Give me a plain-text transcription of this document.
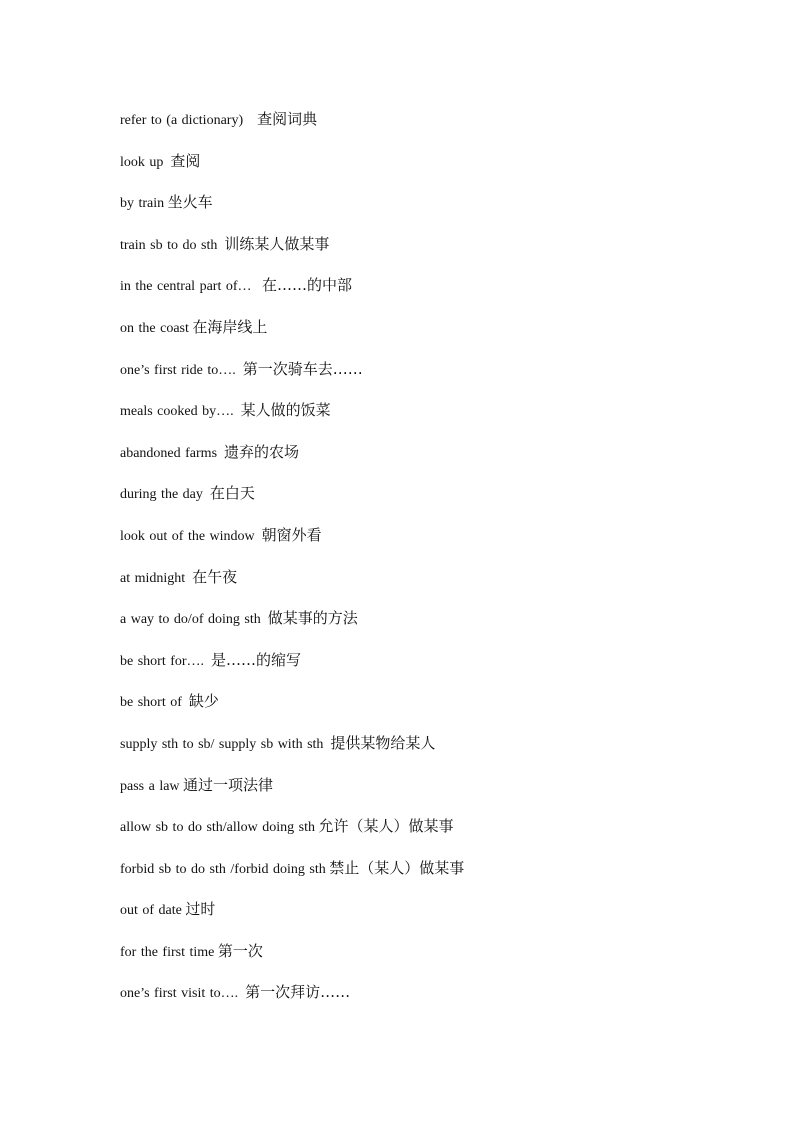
refer to (a dictionary) 查阅词典
look up 查阅
by train 坐火车
train sb to do sth 训练某人做某事
in the central part of… 在……的中部
on the coast 在海岸线上
one’s first ride to…. 第一次骑车去……
meals cooked by…. 某人做的饭菜
abandoned farms 遗弃的农场
during the day 在白天
look out of the window 朝窗外看
at midnight 在午夜
a way to do/of doing sth 做某事的方法
be short for…. 是……的缩写
be short of 缺少
supply sth to sb/ supply sb with sth 提供某物给某人
pass a law 通过一项法律
allow sb to do sth/allow doing sth 允许（某人）做某事
forbid sb to do sth /forbid doing sth 禁止（某人）做某事
out of date 过时
for the first time 第一次
one’s first visit to…. 第一次拜访……
